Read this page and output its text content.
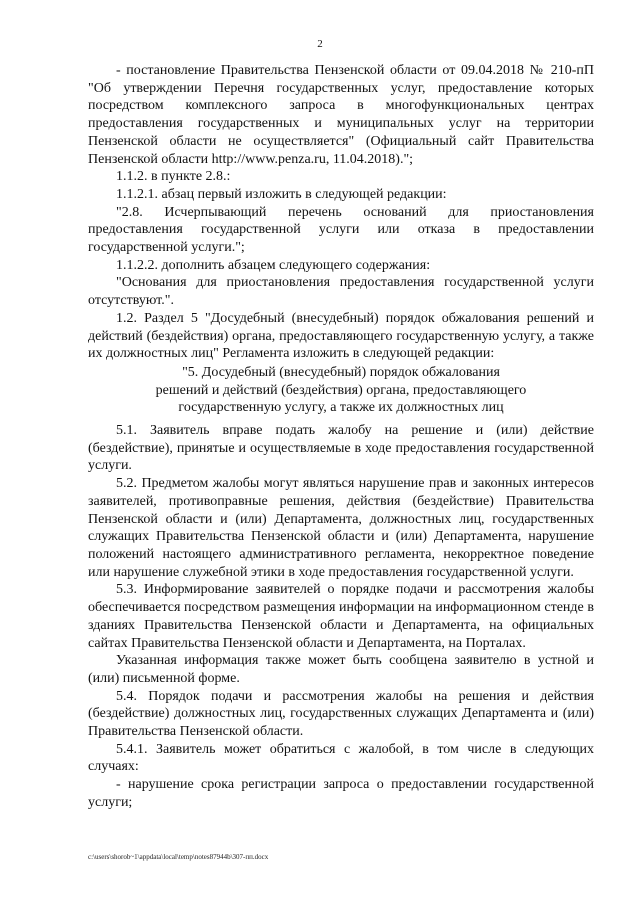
2

- постановление Правительства Пензенской области от 09.04.2018 № 210-пП "Об утверждении Перечня государственных услуг, предоставление которых посредством комплексного запроса в многофункциональных центрах предоставления государственных и муниципальных услуг на территории Пензенской области не осуществляется" (Официальный сайт Правительства Пензенской области http://www.penza.ru, 11.04.2018).";

1.1.2. в пункте 2.8.:

1.1.2.1. абзац первый изложить в следующей редакции:

"2.8. Исчерпывающий перечень оснований для приостановления предоставления государственной услуги или отказа в предоставлении государственной услуги.";

1.1.2.2. дополнить абзацем следующего содержания:

"Основания для приостановления предоставления государственной услуги отсутствуют.".

1.2. Раздел 5 "Досудебный (внесудебный) порядок обжалования решений и действий (бездействия) органа, предоставляющего государственную услугу, а также их должностных лиц" Регламента изложить в следующей редакции:

"5. Досудебный (внесудебный) порядок обжалования

решений и действий (бездействия) органа, предоставляющего

государственную услугу, а также их должностных лиц

5.1. Заявитель вправе подать жалобу на решение и (или) действие (бездействие), принятые и осуществляемые в ходе предоставления государственной услуги.

5.2. Предметом жалобы могут являться нарушение прав и законных интересов заявителей, противоправные решения, действия (бездействие) Правительства Пензенской области и (или) Департамента, должностных лиц, государственных служащих Правительства Пензенской области и (или) Департамента, нарушение положений настоящего административного регламента, некорректное поведение или нарушение служебной этики в ходе предоставления государственной услуги.

5.3. Информирование заявителей о порядке подачи и рассмотрения жалобы обеспечивается посредством размещения информации на информационном стенде в зданиях Правительства Пензенской области и Департамента, на официальных сайтах Правительства Пензенской области и Департамента, на Порталах.

Указанная информация также может быть сообщена заявителю в устной и (или) письменной форме.

5.4. Порядок подачи и рассмотрения жалобы на решения и действия (бездействие) должностных лиц, государственных служащих Департамента и (или) Правительства Пензенской области.

5.4.1. Заявитель может обратиться с жалобой, в том числе в следующих случаях:

- нарушение срока регистрации запроса о предоставлении государственной услуги;

c:\users\shorob~1\appdata\local\temp\notes87944b\307-пп.docx
